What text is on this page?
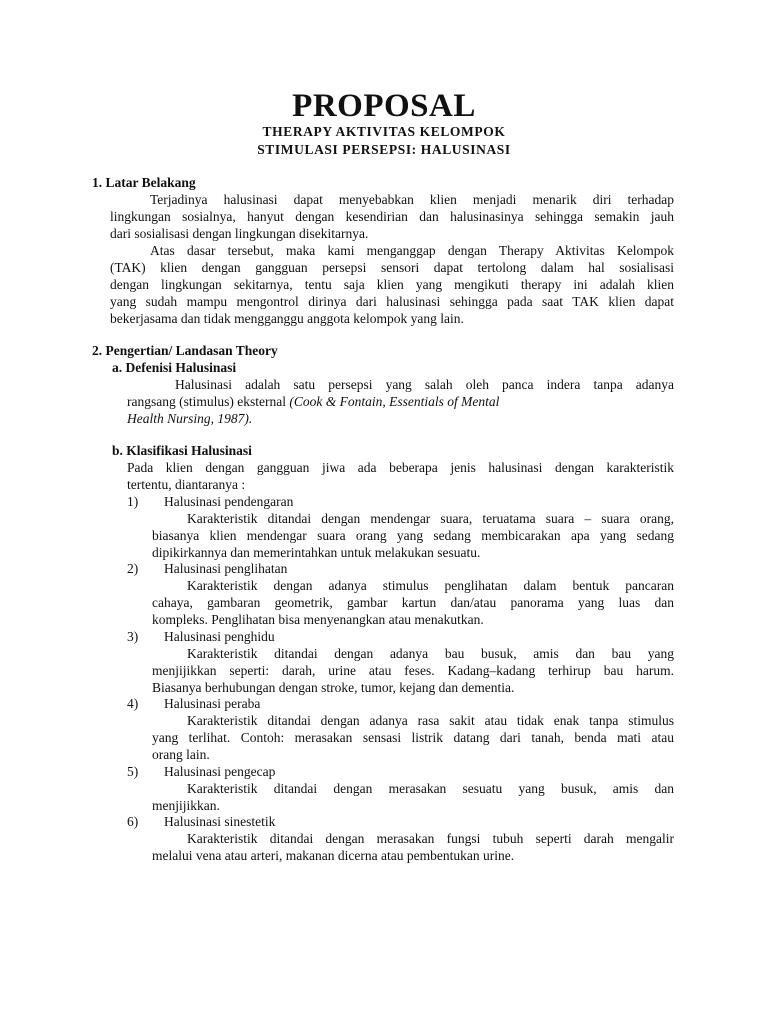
PROPOSAL
THERAPY AKTIVITAS KELOMPOK
STIMULASI PERSEPSI: HALUSINASI
1. Latar Belakang
Terjadinya halusinasi dapat menyebabkan klien menjadi menarik diri terhadap
lingkungan sosialnya, hanyut dengan kesendirian dan halusinasinya sehingga semakin jauh
dari sosialisasi dengan lingkungan disekitarnya.
Atas dasar tersebut, maka kami menganggap dengan Therapy Aktivitas Kelompok
(TAK) klien dengan gangguan persepsi sensori dapat tertolong dalam hal sosialisasi
dengan lingkungan sekitarnya, tentu saja klien yang mengikuti therapy ini adalah klien
yang sudah mampu mengontrol dirinya dari halusinasi sehingga pada saat TAK klien dapat
bekerjasama dan tidak mengganggu anggota kelompok yang lain.
2. Pengertian/ Landasan Theory
a. Defenisi Halusinasi
Halusinasi adalah satu persepsi yang salah oleh panca indera tanpa adanya
rangsang (stimulus) eksternal (Cook & Fontain, Essentials of Mental
Health Nursing, 1987).
b. Klasifikasi Halusinasi
Pada klien dengan gangguan jiwa ada beberapa jenis halusinasi dengan karakteristik
tertentu, diantaranya :
1) Halusinasi pendengaran
Karakteristik ditandai dengan mendengar suara, teruatama suara – suara orang,
biasanya klien mendengar suara orang yang sedang membicarakan apa yang sedang
dipikirkannya dan memerintahkan untuk melakukan sesuatu.
2) Halusinasi penglihatan
Karakteristik dengan adanya stimulus penglihatan dalam bentuk pancaran
cahaya, gambaran geometrik, gambar kartun dan/atau panorama yang luas dan
kompleks. Penglihatan bisa menyenangkan atau menakutkan.
3) Halusinasi penghidu
Karakteristik ditandai dengan adanya bau busuk, amis dan bau yang
menjijikkan seperti: darah, urine atau feses. Kadang–kadang terhirup bau harum.
Biasanya berhubungan dengan stroke, tumor, kejang dan dementia.
4) Halusinasi peraba
Karakteristik ditandai dengan adanya rasa sakit atau tidak enak tanpa stimulus
yang terlihat. Contoh: merasakan sensasi listrik datang dari tanah, benda mati atau
orang lain.
5) Halusinasi pengecap
Karakteristik ditandai dengan merasakan sesuatu yang busuk, amis dan
menjijikkan.
6) Halusinasi sinestetik
Karakteristik ditandai dengan merasakan fungsi tubuh seperti darah mengalir
melalui vena atau arteri, makanan dicerna atau pembentukan urine.
